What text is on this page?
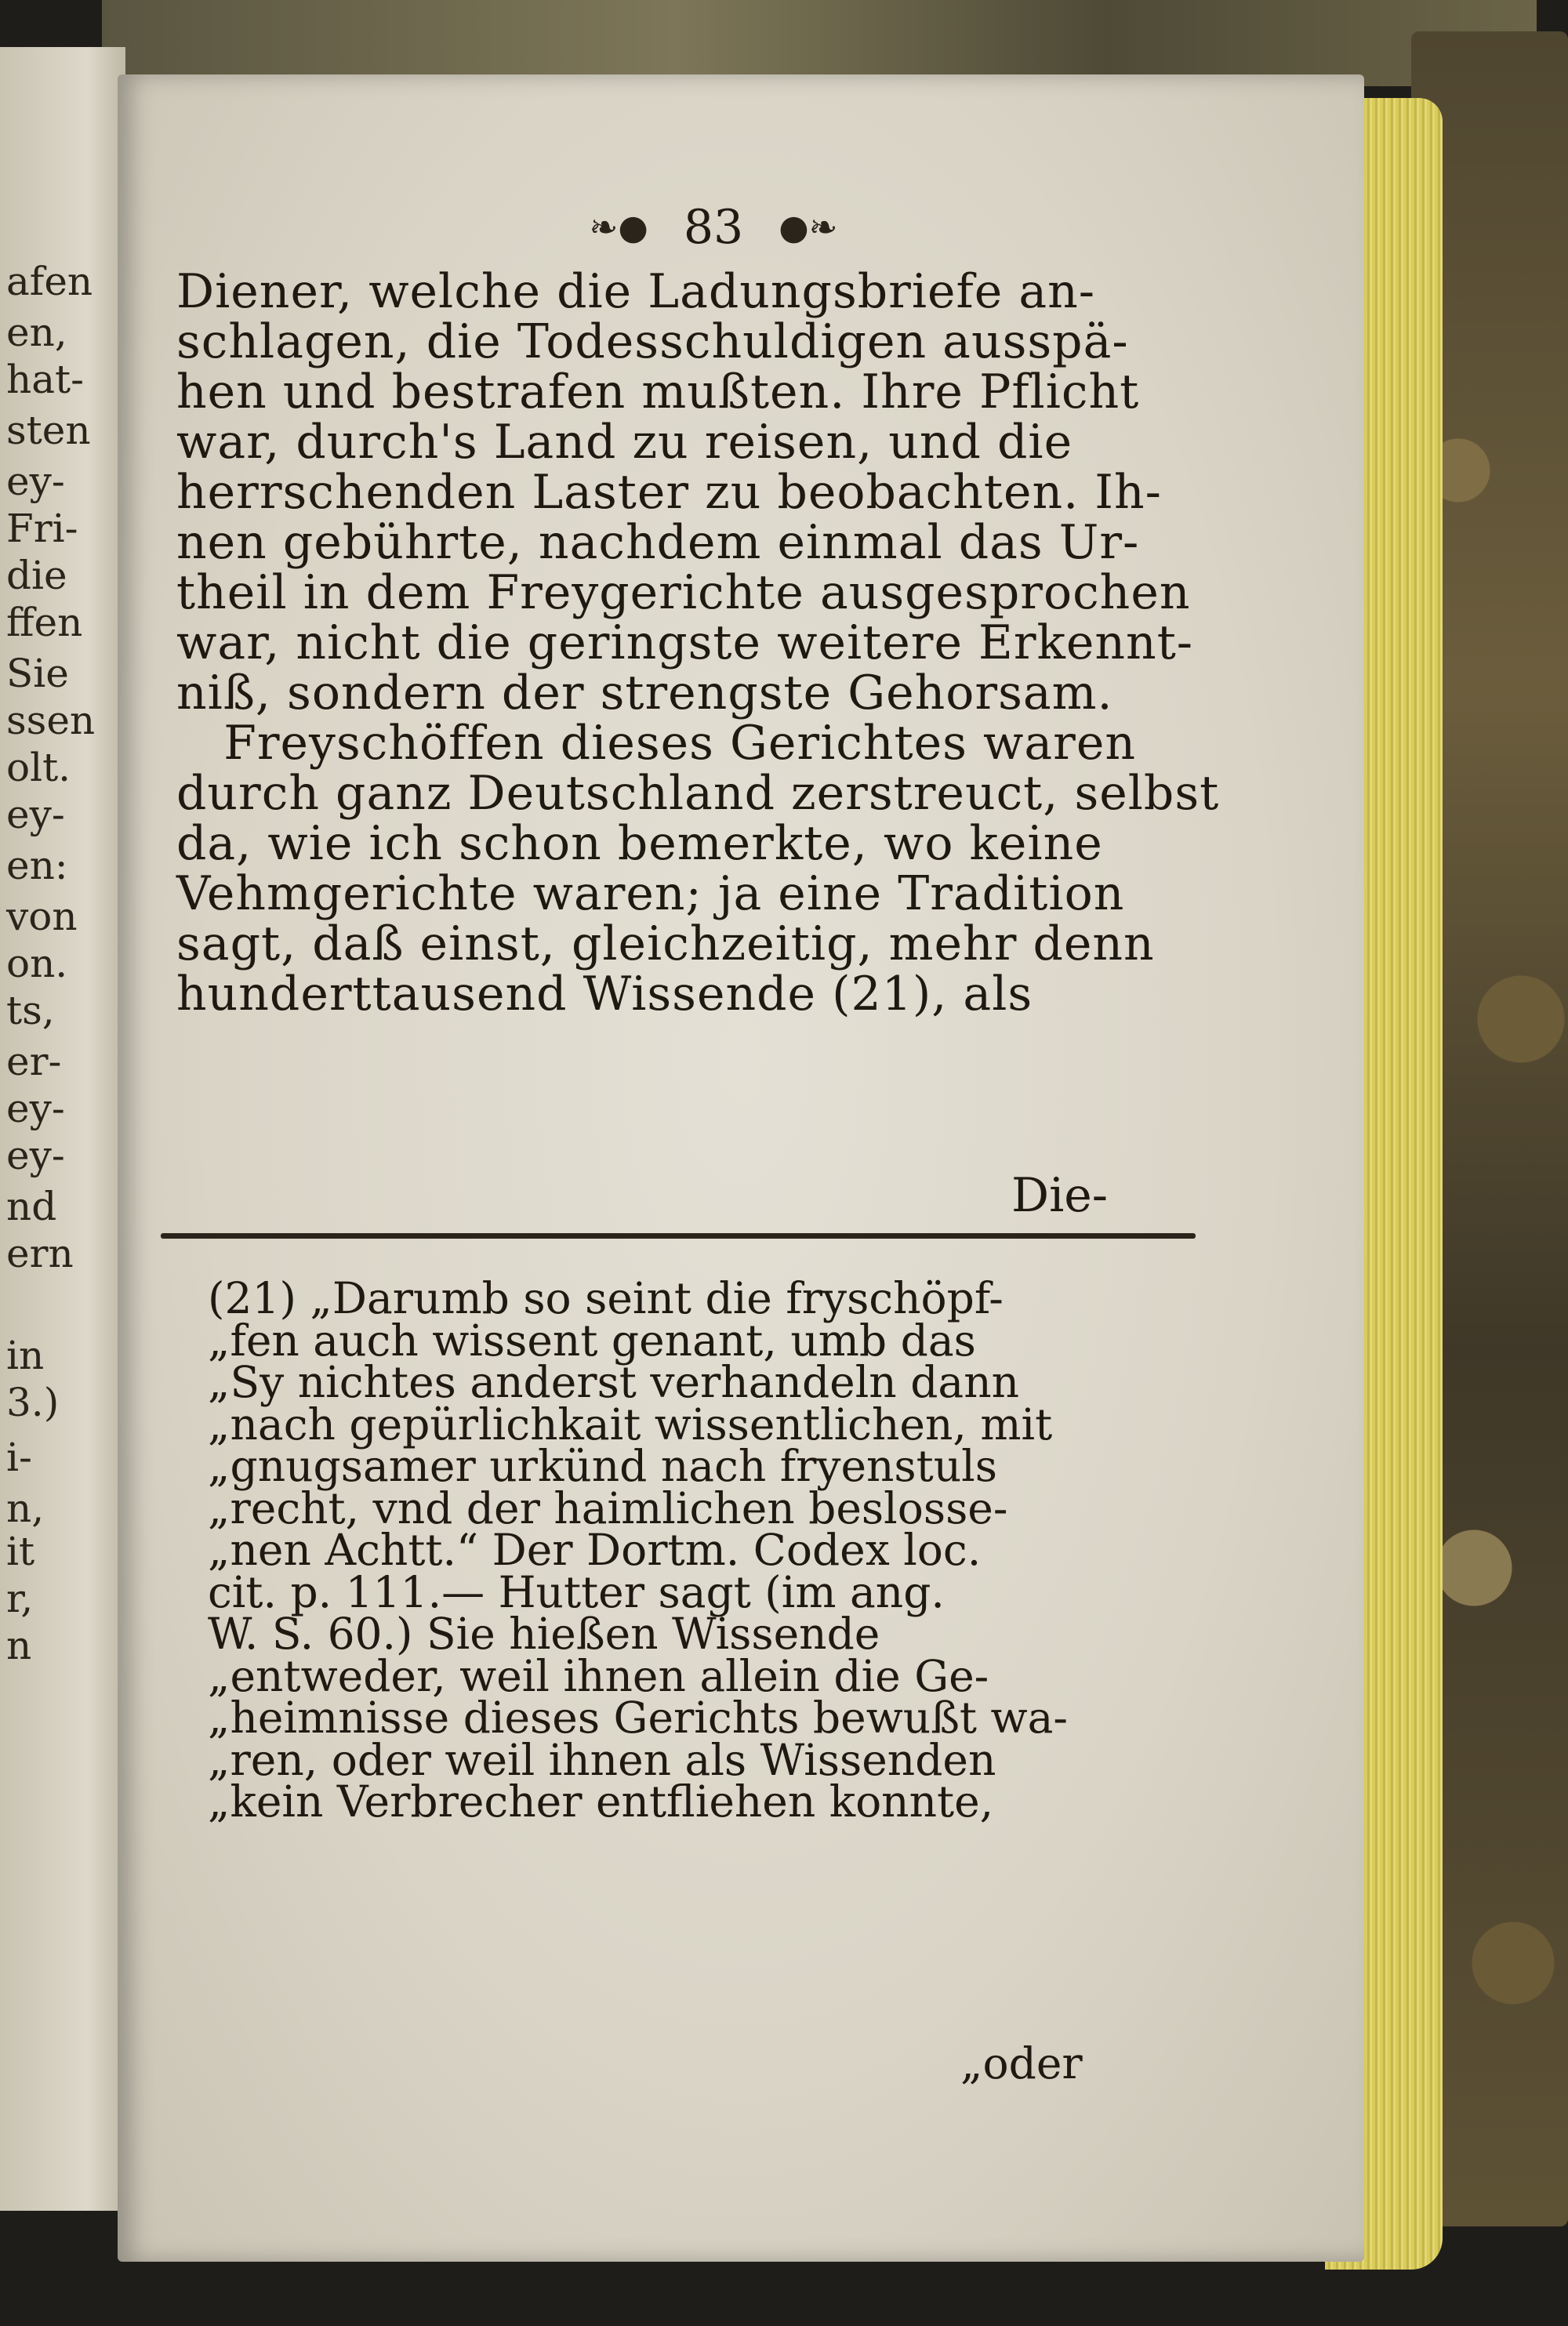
afen
en,
hat-
sten
ey-
Fri-
die
ffen
Sie
ssen
olt.
ey-
en:
von
on.
ts,
er-
ey-
ey-
nd
ern
in
3.)
i-
n,
it
r,
n
❧● 83 ●❧
Diener, welche die Ladungsbriefe an-
schlagen, die Todesschuldigen ausspä-
hen und bestrafen mußten. Ihre Pflicht
war, durch's Land zu reisen, und die
herrschenden Laster zu beobachten. Ih-
nen gebührte, nachdem einmal das Ur-
theil in dem Freygerichte ausgesprochen
war, nicht die geringste weitere Erkennt-
niß, sondern der strengste Gehorsam.
Freyschöffen dieses Gerichtes waren
durch ganz Deutschland zerstreuct, selbst
da, wie ich schon bemerkte, wo keine
Vehmgerichte waren; ja eine Tradition
sagt, daß einst, gleichzeitig, mehr denn
hunderttausend Wissende (21), als
Die-
(21) „Darumb so seint die fryschöpf-
„fen auch wissent genant, umb das
„Sy nichtes anderst verhandeln dann
„nach gepürlichkait wissentlichen, mit
„gnugsamer urkünd nach fryenstuls
„recht, vnd der haimlichen beslosse-
„nen Achtt.“ Der Dortm. Codex loc.
cit. p. 111.— Hutter sagt (im ang.
W. S. 60.) Sie hießen Wissende
„entweder, weil ihnen allein die Ge-
„heimnisse dieses Gerichts bewußt wa-
„ren, oder weil ihnen als Wissenden
„kein Verbrecher entfliehen konnte,
„oder
